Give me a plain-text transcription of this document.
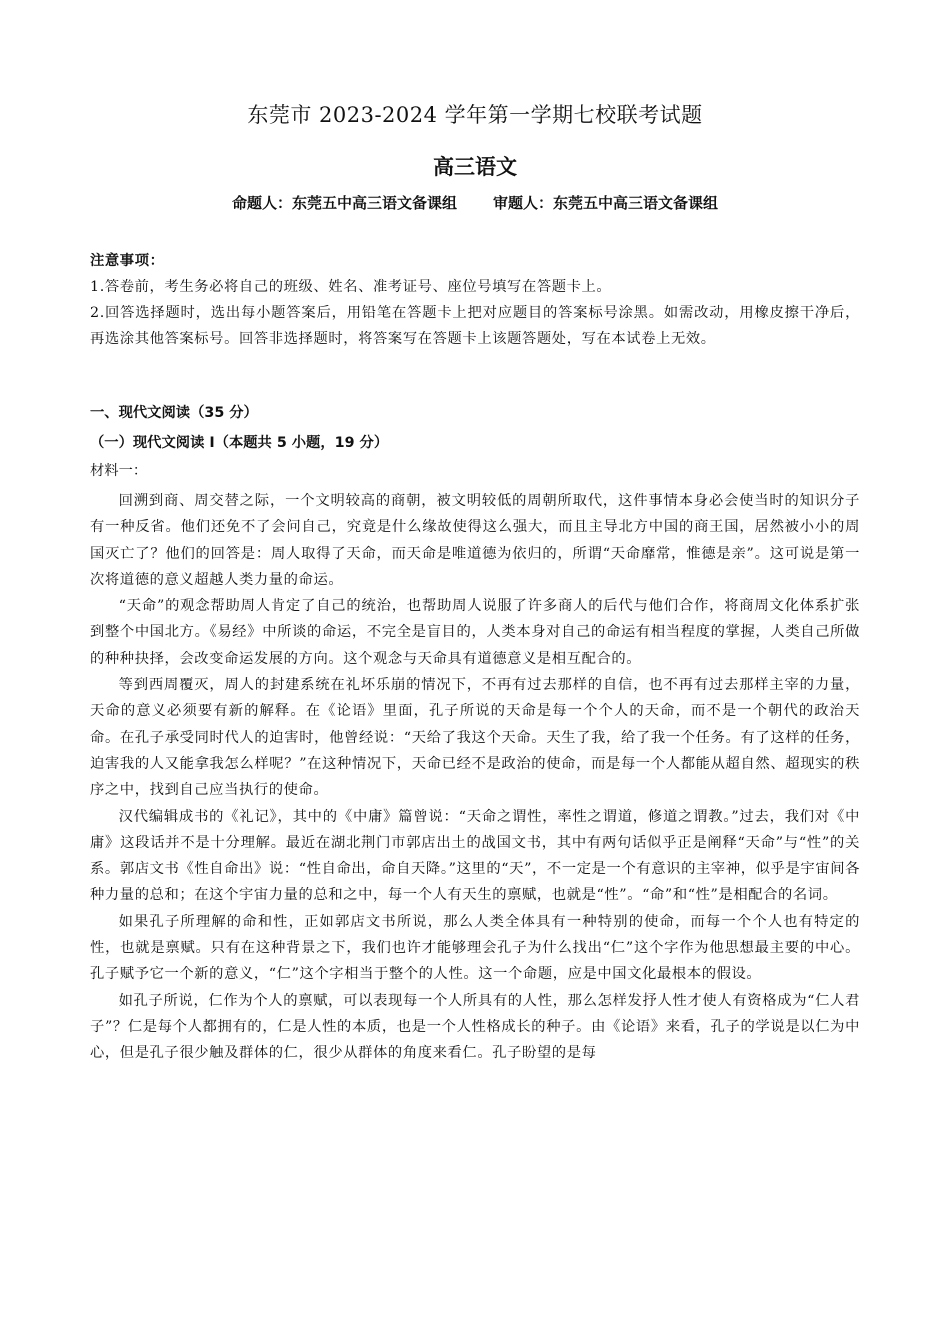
东莞市 2023-2024 学年第一学期七校联考试题
高三语文
命题人：东莞五中高三语文备课组 审题人：东莞五中高三语文备课组
注意事项：

1.答卷前，考生务必将自己的班级、姓名、准考证号、座位号填写在答题卡上。

2.回答选择题时，选出每小题答案后，用铅笔在答题卡上把对应题目的答案标号涂黑。如需改动，用橡皮擦干净后，再选涂其他答案标号。回答非选择题时，将答案写在答题卡上该题答题处，写在本试卷上无效。

一、现代文阅读（35 分）
（一）现代文阅读 I（本题共 5 小题，19 分）
材料一：

回溯到商、周交替之际，一个文明较高的商朝，被文明较低的周朝所取代，这件事情本身必会使当时的知识分子有一种反省。他们还免不了会问自己，究竟是什么缘故使得这么强大，而且主导北方中国的商王国，居然被小小的周国灭亡了？他们的回答是：周人取得了天命，而天命是唯道德为依归的，所谓“天命靡常，惟德是亲”。这可说是第一次将道德的意义超越人类力量的命运。

“天命”的观念帮助周人肯定了自己的统治，也帮助周人说服了许多商人的后代与他们合作，将商周文化体系扩张到整个中国北方。《易经》中所谈的命运，不完全是盲目的，人类本身对自己的命运有相当程度的掌握，人类自己所做的种种抉择，会改变命运发展的方向。这个观念与天命具有道德意义是相互配合的。

等到西周覆灭，周人的封建系统在礼坏乐崩的情况下，不再有过去那样的自信，也不再有过去那样主宰的力量，天命的意义必须要有新的解释。在《论语》里面，孔子所说的天命是每一个个人的天命，而不是一个朝代的政治天命。在孔子承受同时代人的迫害时，他曾经说：“天给了我这个天命。天生了我，给了我一个任务。有了这样的任务，迫害我的人又能拿我怎么样呢？”在这种情况下，天命已经不是政治的使命，而是每一个人都能从超自然、超现实的秩序之中，找到自己应当执行的使命。

汉代编辑成书的《礼记》，其中的《中庸》篇曾说：“天命之谓性，率性之谓道，修道之谓教。”过去，我们对《中庸》这段话并不是十分理解。最近在湖北荆门市郭店出土的战国文书，其中有两句话似乎正是阐释“天命”与“性”的关系。郭店文书《性自命出》说：“性自命出，命自天降。”这里的“天”，不一定是一个有意识的主宰神，似乎是宇宙间各种力量的总和；在这个宇宙力量的总和之中，每一个人有天生的禀赋，也就是“性”。“命”和“性”是相配合的名词。

如果孔子所理解的命和性，正如郭店文书所说，那么人类全体具有一种特别的使命，而每一个个人也有特定的性，也就是禀赋。只有在这种背景之下，我们也许才能够理会孔子为什么找出“仁”这个字作为他思想最主要的中心。孔子赋予它一个新的意义，“仁”这个字相当于整个的人性。这一个命题，应是中国文化最根本的假设。

如孔子所说，仁作为个人的禀赋，可以表现每一个人所具有的人性，那么怎样发抒人性才使人有资格成为“仁人君子”？仁是每个人都拥有的，仁是人性的本质，也是一个人性格成长的种子。由《论语》来看，孔子的学说是以仁为中心，但是孔子很少触及群体的仁，很少从群体的角度来看仁。孔子盼望的是每
